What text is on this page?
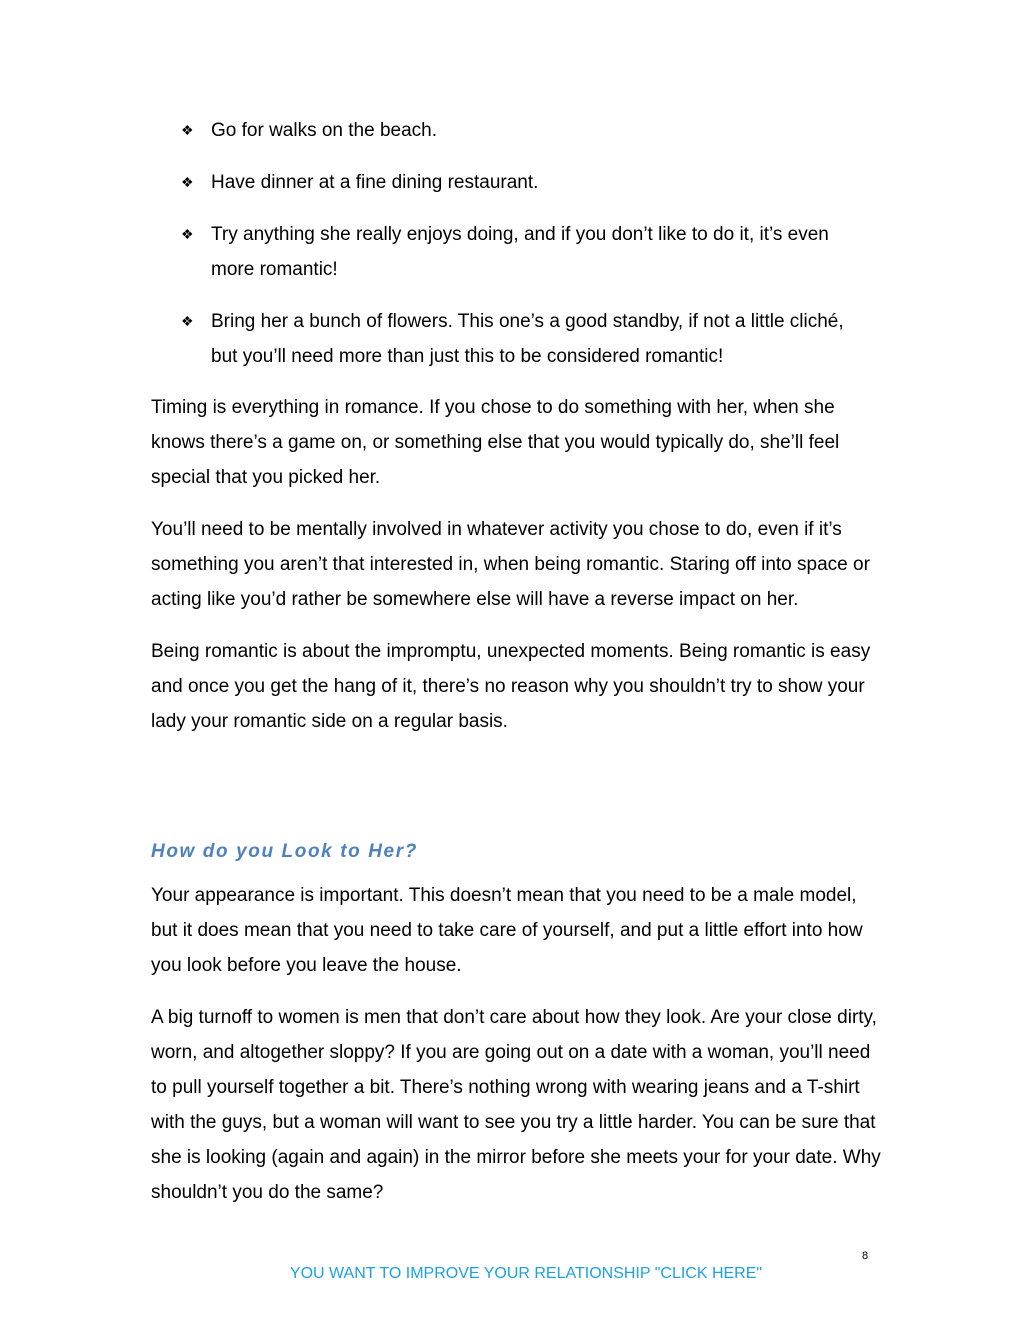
❖ Go for walks on the beach.
❖ Have dinner at a fine dining restaurant.
❖ Try anything she really enjoys doing, and if you don’t like to do it, it’s even more romantic!
❖ Bring her a bunch of flowers. This one’s a good standby, if not a little cliché, but you’ll need more than just this to be considered romantic!

Timing is everything in romance. If you chose to do something with her, when she knows there’s a game on, or something else that you would typically do, she’ll feel special that you picked her.

You’ll need to be mentally involved in whatever activity you chose to do, even if it’s something you aren’t that interested in, when being romantic. Staring off into space or acting like you’d rather be somewhere else will have a reverse impact on her.

Being romantic is about the impromptu, unexpected moments. Being romantic is easy and once you get the hang of it, there’s no reason why you shouldn’t try to show your lady your romantic side on a regular basis.

How do you Look to Her?

Your appearance is important. This doesn’t mean that you need to be a male model, but it does mean that you need to take care of yourself, and put a little effort into how you look before you leave the house.

A big turnoff to women is men that don’t care about how they look. Are your close dirty, worn, and altogether sloppy? If you are going out on a date with a woman, you’ll need to pull yourself together a bit. There’s nothing wrong with wearing jeans and a T-shirt with the guys, but a woman will want to see you try a little harder. You can be sure that she is looking (again and again) in the mirror before she meets your for your date. Why shouldn’t you do the same?

8
YOU WANT TO IMPROVE YOUR RELATIONSHIP "CLICK HERE"
